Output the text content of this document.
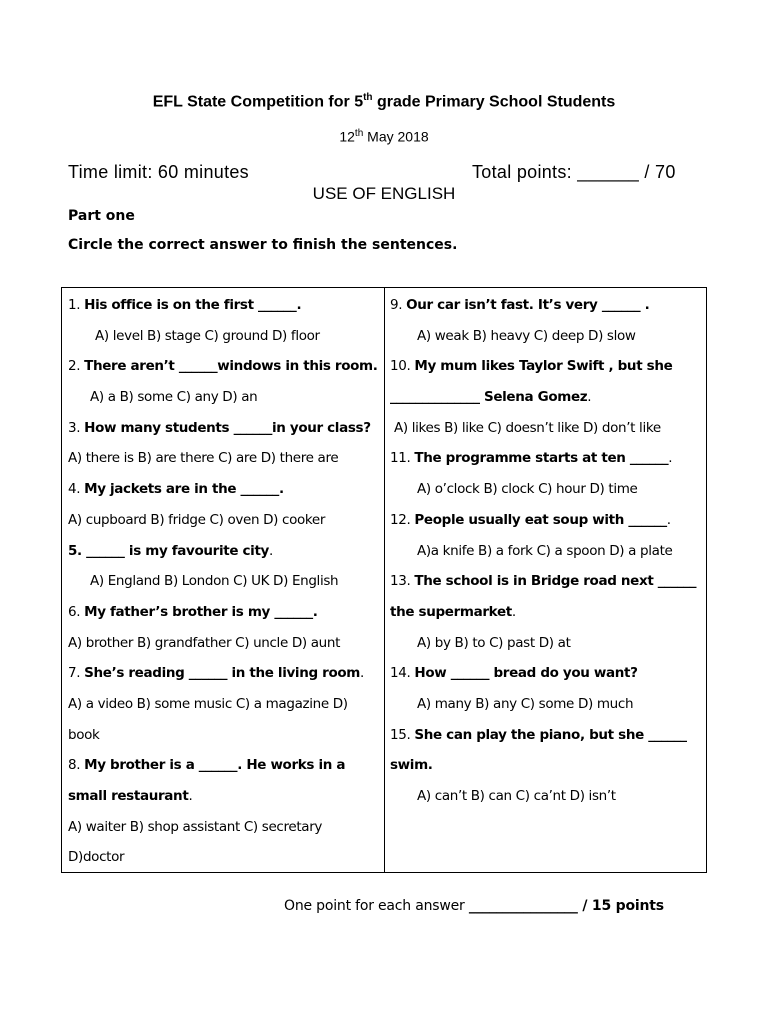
EFL State Competition for 5th grade Primary School Students
12th May 2018
Time limit: 60 minutes	Total points: ______ / 70
USE OF ENGLISH
Part one
Circle the correct answer to finish the sentences.
1. His office is on the first ______.
A) level B) stage C) ground D) floor
2. There aren’t ______windows in this room.
A) a B) some C) any D) an
3. How many students ______in your class?
A) there is B) are there C) are D) there are
4. My jackets are in the ______.
A) cupboard B) fridge C) oven D) cooker
5. ______ is my favourite city.
A) England B) London C) UK D) English
6. My father’s brother is my ______.
A) brother B) grandfather C) uncle D) aunt
7. She’s reading ______ in the living room.
A) a video B) some music C) a magazine D)
book
8. My brother is a ______. He works in a
small restaurant.
A) waiter B) shop assistant C) secretary
D)doctor
9. Our car isn’t fast. It’s very ______ .
A) weak B) heavy C) deep D) slow
10. My mum likes Taylor Swift , but she
______________ Selena Gomez.
A) likes B) like C) doesn’t like D) don’t like
11. The programme starts at ten ______.
A) o’clock B) clock C) hour D) time
12. People usually eat soup with ______.
A)a knife B) a fork C) a spoon D) a plate
13. The school is in Bridge road next ______
the supermarket.
A) by B) to C) past D) at
14. How ______ bread do you want?
A) many B) any C) some D) much
15. She can play the piano, but she ______
swim.
A) can’t B) can C) ca’nt D) isn’t
One point for each answer ________________ / 15 points
